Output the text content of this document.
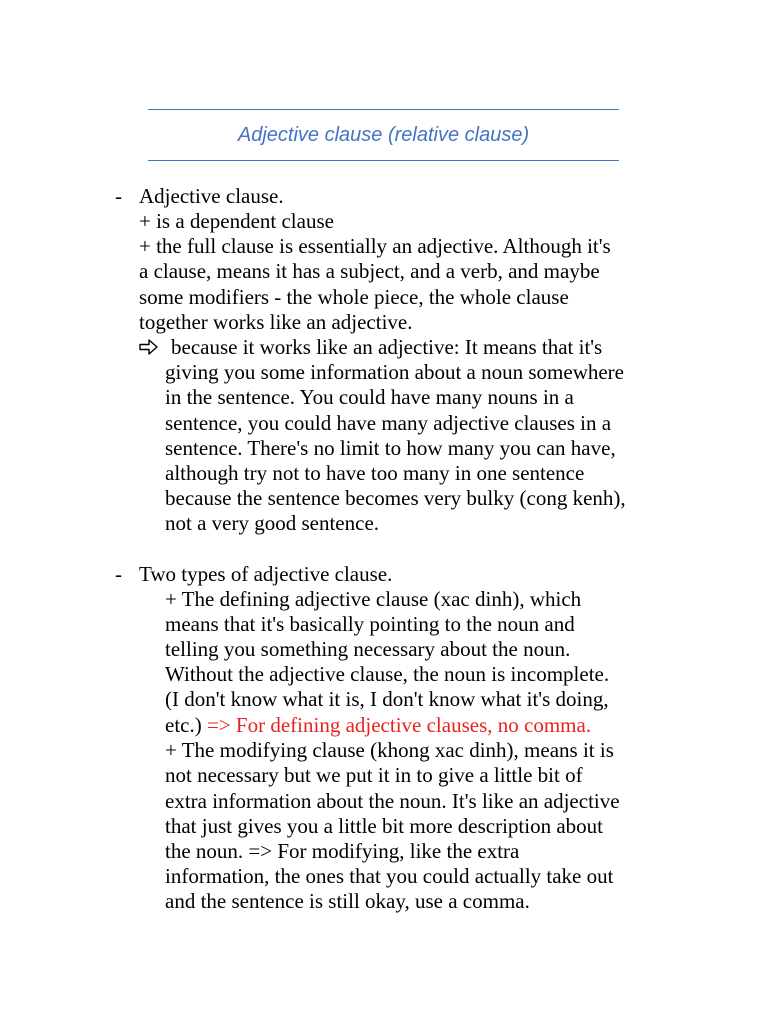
Adjective clause (relative clause)
- Adjective clause.
+ is a dependent clause
+ the full clause is essentially an adjective. Although it's
a clause, means it has a subject, and a verb, and maybe
some modifiers - the whole piece, the whole clause
together works like an adjective.
because it works like an adjective: It means that it's
giving you some information about a noun somewhere
in the sentence. You could have many nouns in a
sentence, you could have many adjective clauses in a
sentence. There's no limit to how many you can have,
although try not to have too many in one sentence
because the sentence becomes very bulky (cong kenh),
not a very good sentence.
- Two types of adjective clause.
+ The defining adjective clause (xac dinh), which
means that it's basically pointing to the noun and
telling you something necessary about the noun.
Without the adjective clause, the noun is incomplete.
(I don't know what it is, I don't know what it's doing,
etc.) => For defining adjective clauses, no comma.
+ The modifying clause (khong xac dinh), means it is
not necessary but we put it in to give a little bit of
extra information about the noun. It's like an adjective
that just gives you a little bit more description about
the noun. => For modifying, like the extra
information, the ones that you could actually take out
and the sentence is still okay, use a comma.
